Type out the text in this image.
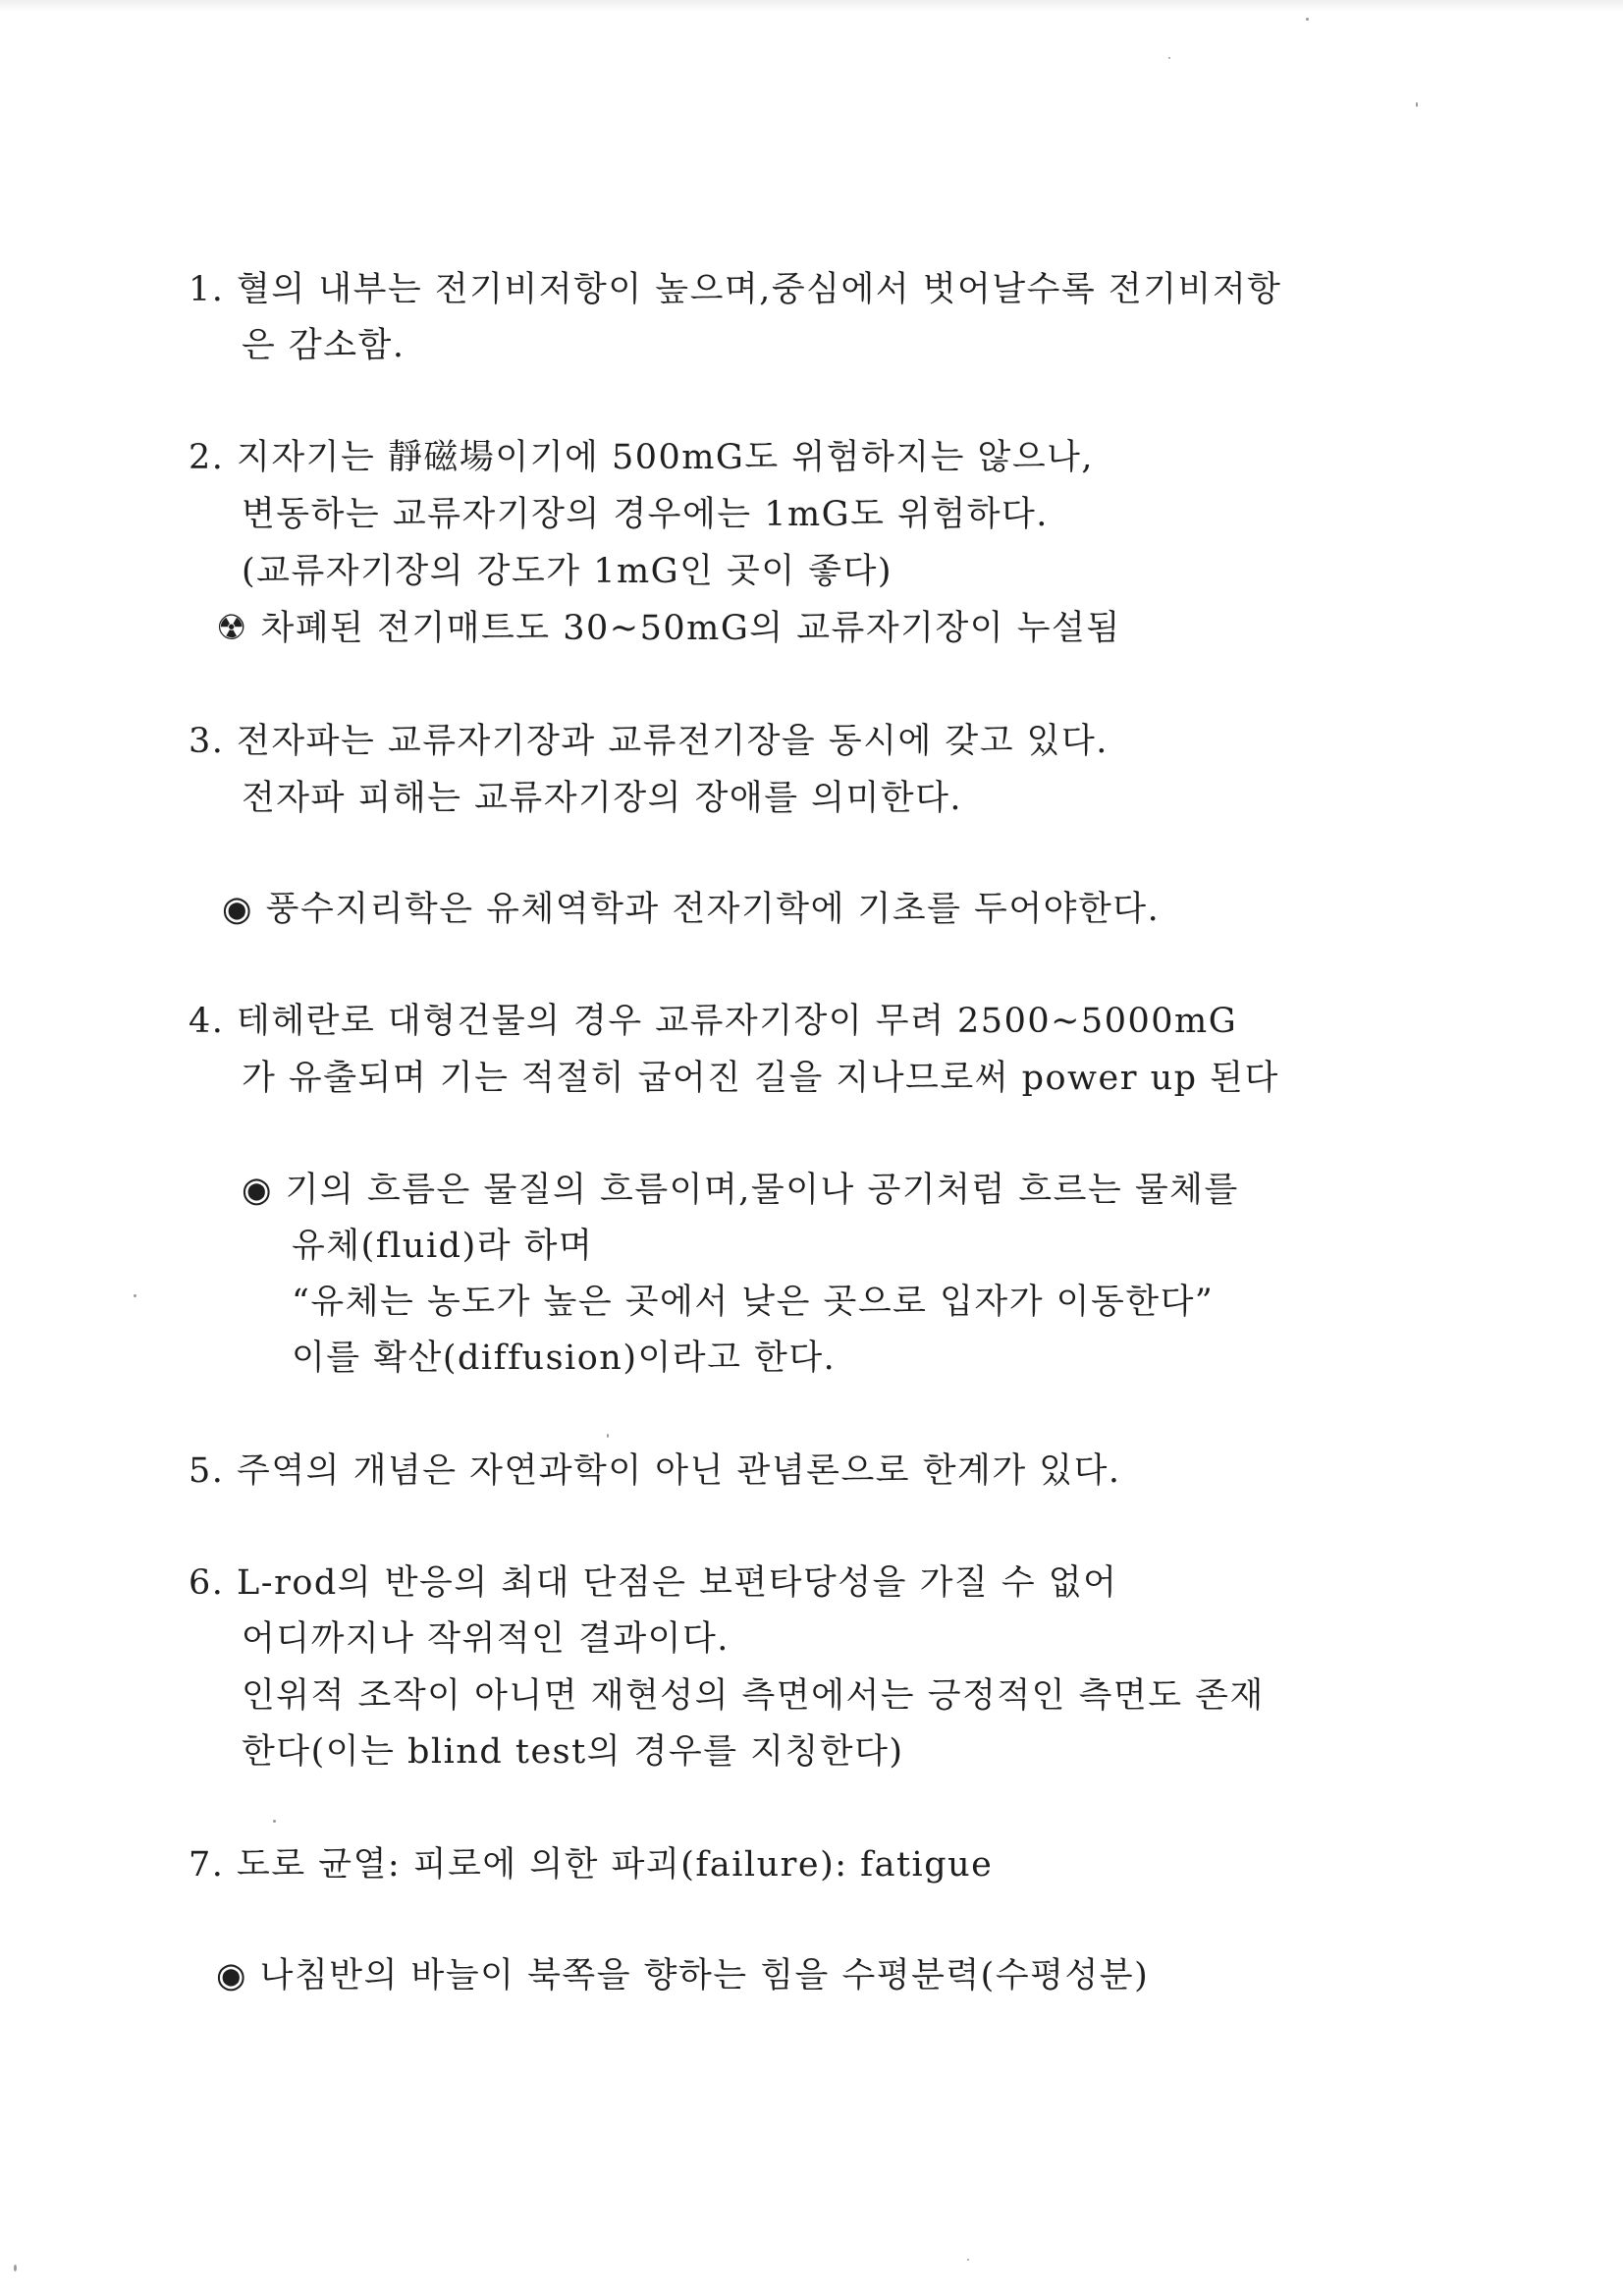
1. 혈의 내부는 전기비저항이 높으며,중심에서 벗어날수록 전기비저항
은 감소함.
2. 지자기는 靜磁場이기에 500mG도 위험하지는 않으나,
변동하는 교류자기장의 경우에는 1mG도 위험하다.
(교류자기장의 강도가 1mG인 곳이 좋다)
☢ 차폐된 전기매트도 30~50mG의 교류자기장이 누설됨
3. 전자파는 교류자기장과 교류전기장을 동시에 갖고 있다.
전자파 피해는 교류자기장의 장애를 의미한다.
◉ 풍수지리학은 유체역학과 전자기학에 기초를 두어야한다.
4. 테헤란로 대형건물의 경우 교류자기장이 무려 2500~5000mG
가 유출되며 기는 적절히 굽어진 길을 지나므로써 power up 된다
◉ 기의 흐름은 물질의 흐름이며,물이나 공기처럼 흐르는 물체를
유체(fluid)라 하며
“유체는 농도가 높은 곳에서 낮은 곳으로 입자가 이동한다”
이를 확산(diffusion)이라고 한다.
5. 주역의 개념은 자연과학이 아닌 관념론으로 한계가 있다.
6. L-rod의 반응의 최대 단점은 보편타당성을 가질 수 없어
어디까지나 작위적인 결과이다.
인위적 조작이 아니면 재현성의 측면에서는 긍정적인 측면도 존재
한다(이는 blind test의 경우를 지칭한다)
7. 도로 균열: 피로에 의한 파괴(failure): fatigue
◉ 나침반의 바늘이 북쪽을 향하는 힘을 수평분력(수평성분)
